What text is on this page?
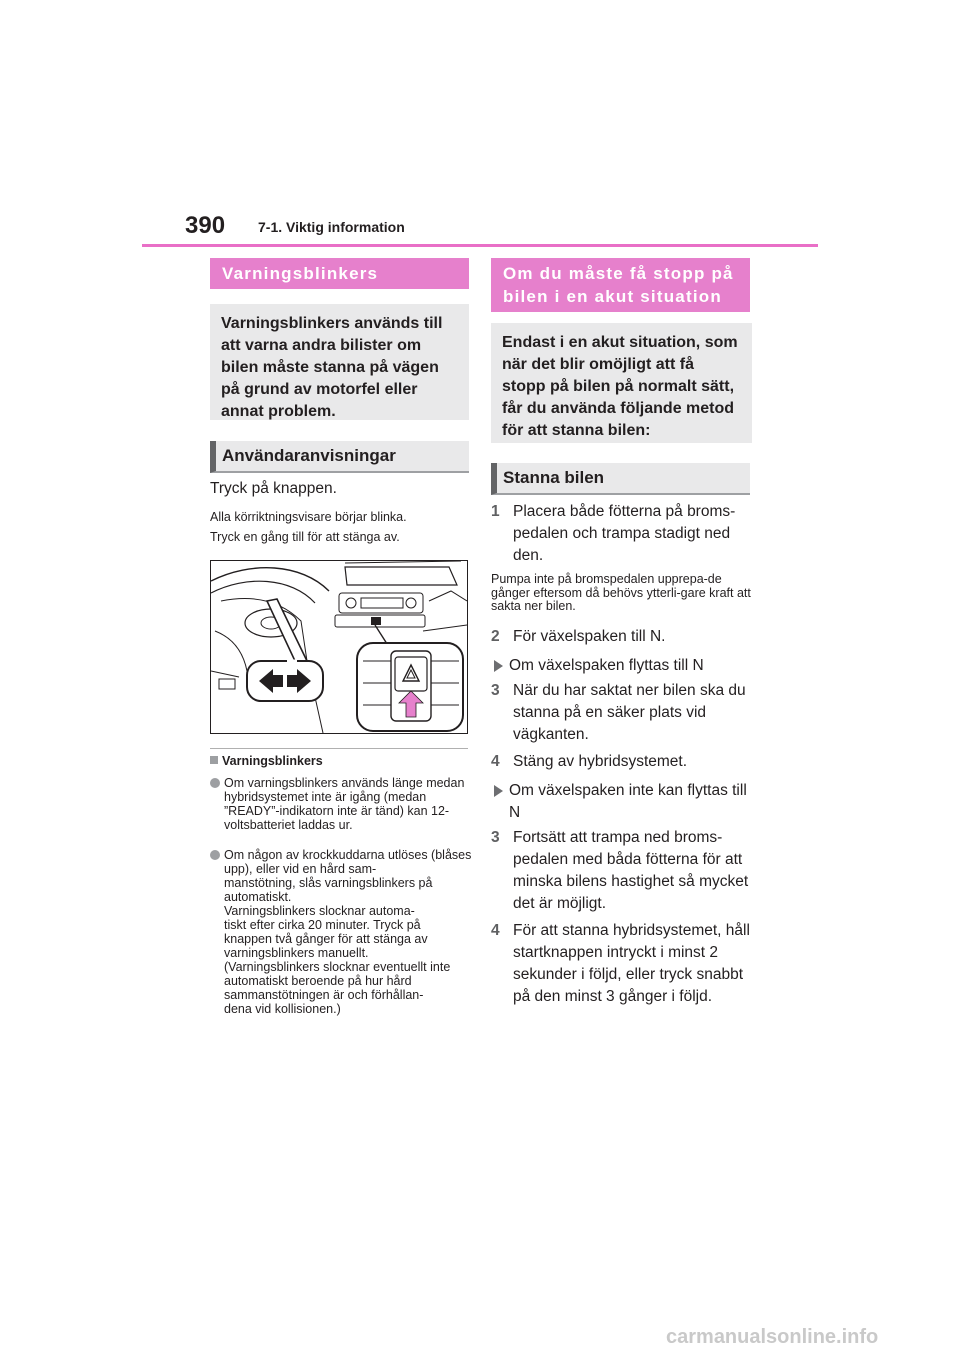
390 7-1. Viktig information
Varningsblinkers
Varningsblinkers används till att varna andra bilister om bilen måste stanna på vägen på grund av motorfel eller annat problem.
Användaranvisningar
Tryck på knappen.
Alla körriktningsvisare börjar blinka.
Tryck en gång till för att stänga av.
Varningsblinkers
Om varningsblinkers används länge medan hybridsystemet inte är igång (medan ”READY”-indikatorn inte är tänd) kan 12-voltsbatteriet laddas ur.
Om någon av krockkuddarna utlöses (blåses upp), eller vid en hård sam-
manstötning, slås varningsblinkers på automatiskt.
Varningsblinkers slocknar automa-
tiskt efter cirka 20 minuter. Tryck på knappen två gånger för att stänga av varningsblinkers manuellt.
(Varningsblinkers slocknar eventuellt inte automatiskt beroende på hur hård sammanstötningen är och förhållan-
dena vid kollisionen.)
Om du måste få stopp på bilen i en akut situation
Endast i en akut situation, som när det blir omöjligt att få stopp på bilen på normalt sätt, får du använda följande metod för att stanna bilen:
Stanna bilen
1 Placera både fötterna på broms-pedalen och trampa stadigt ned den.
Pumpa inte på bromspedalen upprepa-de gånger eftersom då behövs ytterli-gare kraft att sakta ner bilen.
2 För växelspaken till N.
Om växelspaken flyttas till N
3 När du har saktat ner bilen ska du stanna på en säker plats vid vägkanten.
4 Stäng av hybridsystemet.
Om växelspaken inte kan flyttas till N
3 Fortsätt att trampa ned broms-pedalen med båda fötterna för att minska bilens hastighet så mycket det är möjligt.
4 För att stanna hybridsystemet, håll startknappen intryckt i minst 2 sekunder i följd, eller tryck snabbt på den minst 3 gånger i följd.
carmanualsonline.info
